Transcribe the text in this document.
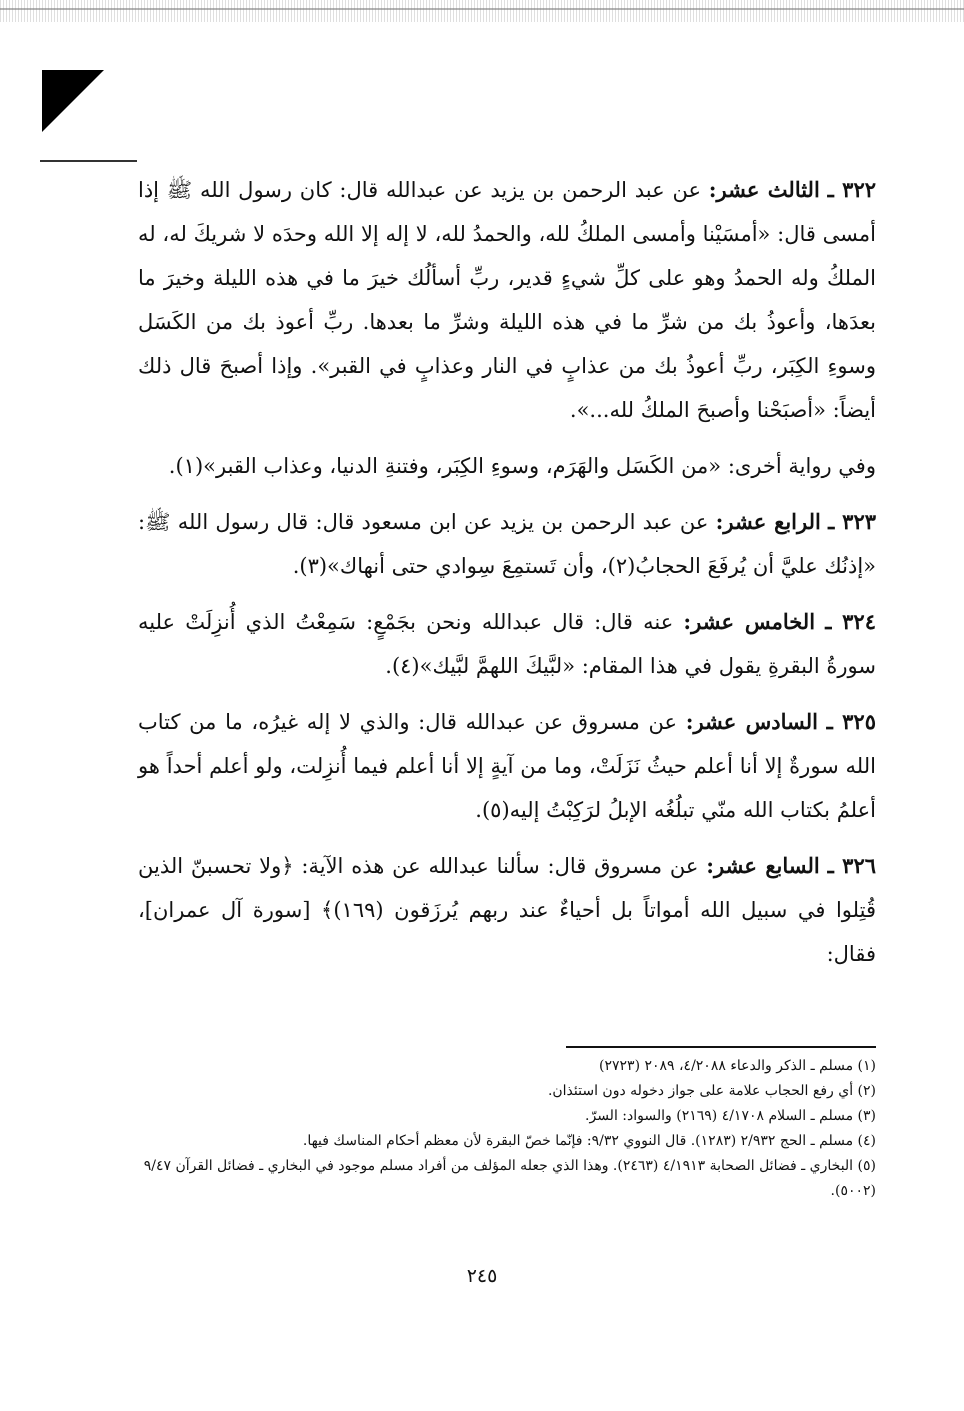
٣٢٢ ـ الثالث عشر: عن عبد الرحمن بن يزيد عن عبدالله قال: كان رسول الله ﷺ إذا أمسى قال: «أمسَيْنا وأمسى الملكُ لله، والحمدُ لله، لا إله إلا الله وحدَه لا شريكَ له، له الملكُ وله الحمدُ وهو على كلِّ شيءٍ قدير، ربِّ أسألُك خيرَ ما في هذه الليلة وخيرَ ما بعدَها، وأعوذُ بك من شرِّ ما في هذه الليلة وشرِّ ما بعدها. ربِّ أعوذ بك من الكَسَل وسوءِ الكِبَر، ربِّ أعوذُ بك من عذابٍ في النار وعذابٍ في القبر». وإذا أصبحَ قال ذلك أيضاً: «أصبَحْنا وأصبحَ الملكُ لله...».

وفي رواية أخرى: «من الكَسَل والهَرَم، وسوءِ الكِبَر، وفتنةِ الدنيا، وعذاب القبر»(١).

٣٢٣ ـ الرابع عشر: عن عبد الرحمن بن يزيد عن ابن مسعود قال: قال رسول الله ﷺ: «إذنُك عليَّ أن يُرفَعَ الحجابُ(٢)، وأن تَستمِعَ سِوادي حتى أنهاك»(٣).

٣٢٤ ـ الخامس عشر: عنه قال: قال عبدالله ونحن بجَمْعٍ: سَمِعْتُ الذي أُنزِلَتْ عليه سورةُ البقرةِ يقول في هذا المقام: «لبَّيكَ اللهمَّ لبَّيك»(٤).

٣٢٥ ـ السادس عشر: عن مسروق عن عبدالله قال: والذي لا إله غيرُه، ما من كتاب الله سورةٌ إلا أنا أعلم حيثُ نَزَلَتْ، وما من آيةٍ إلا أنا أعلم فيما أُنزِلت، ولو أعلم أحداً هو أعلمُ بكتاب الله منّي تبلُغُه الإبلُ لرَكِبْتُ إليه(٥).

٣٢٦ ـ السابع عشر: عن مسروق قال: سألنا عبدالله عن هذه الآية: ﴿ولا تحسبنّ الذين قُتِلوا في سبيل الله أمواتاً بل أحياءٌ عند ربهم يُرزَقون (١٦٩)﴾ [سورة آل عمران]، فقال:

(١) مسلم ـ الذكر والدعاء ٤/٢٠٨٨، ٢٠٨٩ (٢٧٢٣)

(٢) أي رفع الحجاب علامة على جواز دخوله دون استئذان.

(٣) مسلم ـ السلام ٤/١٧٠٨ (٢١٦٩) والسواد: السرّ.

(٤) مسلم ـ الحج ٢/٩٣٢ (١٢٨٣). قال النووي ٩/٣٢: فإنّما خصّ البقرة لأن معظم أحكام المناسك فيها.

(٥) البخاري ـ فضائل الصحابة ٤/١٩١٣ (٢٤٦٣). وهذا الذي جعله المؤلف من أفراد مسلم موجود في البخاري ـ فضائل القرآن ٩/٤٧ (٥٠٠٢).

٢٤٥
